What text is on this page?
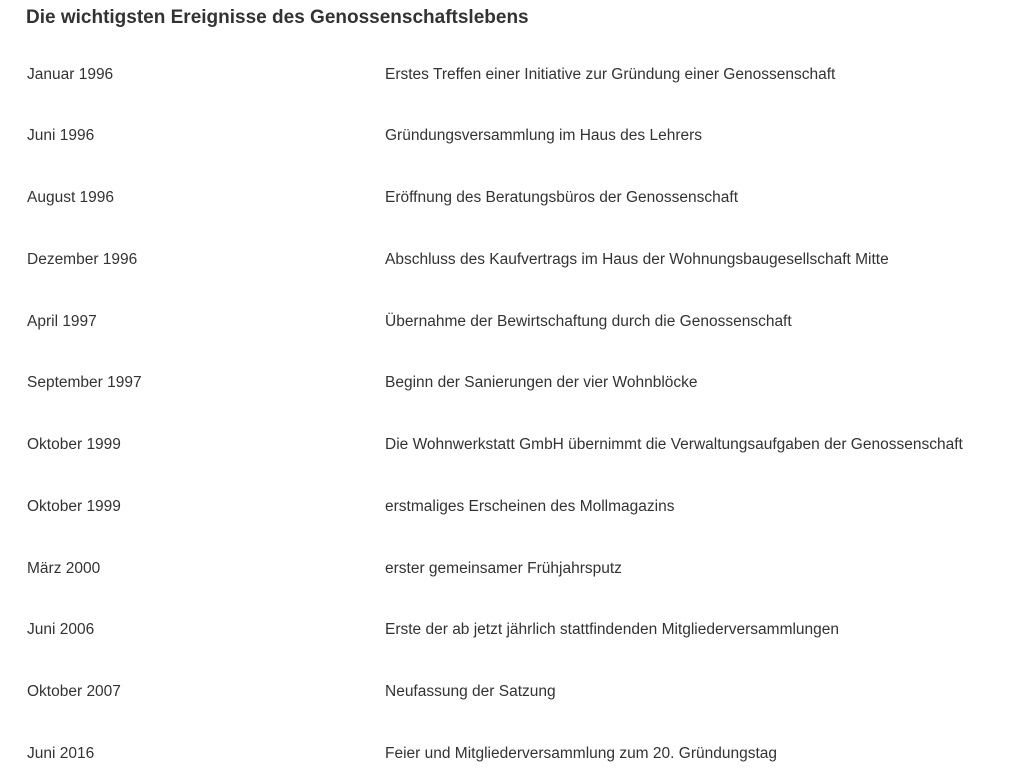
Die wichtigsten Ereignisse des Genossenschaftslebens
Januar 1996	Erstes Treffen einer Initiative zur Gründung einer Genossenschaft
Juni 1996	Gründungsversammlung im Haus des Lehrers
August 1996	Eröffnung des Beratungsbüros der Genossenschaft
Dezember 1996	Abschluss des Kaufvertrags im Haus der Wohnungsbaugesellschaft Mitte
April 1997	Übernahme der Bewirtschaftung durch die Genossenschaft
September 1997	Beginn der Sanierungen der vier Wohnblöcke
Oktober 1999	Die Wohnwerkstatt GmbH übernimmt die Verwaltungsaufgaben der Genossenschaft
Oktober 1999	erstmaliges Erscheinen des Mollmagazins
März 2000	erster gemeinsamer Frühjahrsputz
Juni 2006	Erste der ab jetzt jährlich stattfindenden Mitgliederversammlungen
Oktober 2007	Neufassung der Satzung
Juni 2016	Feier und Mitgliederversammlung zum 20. Gründungstag
